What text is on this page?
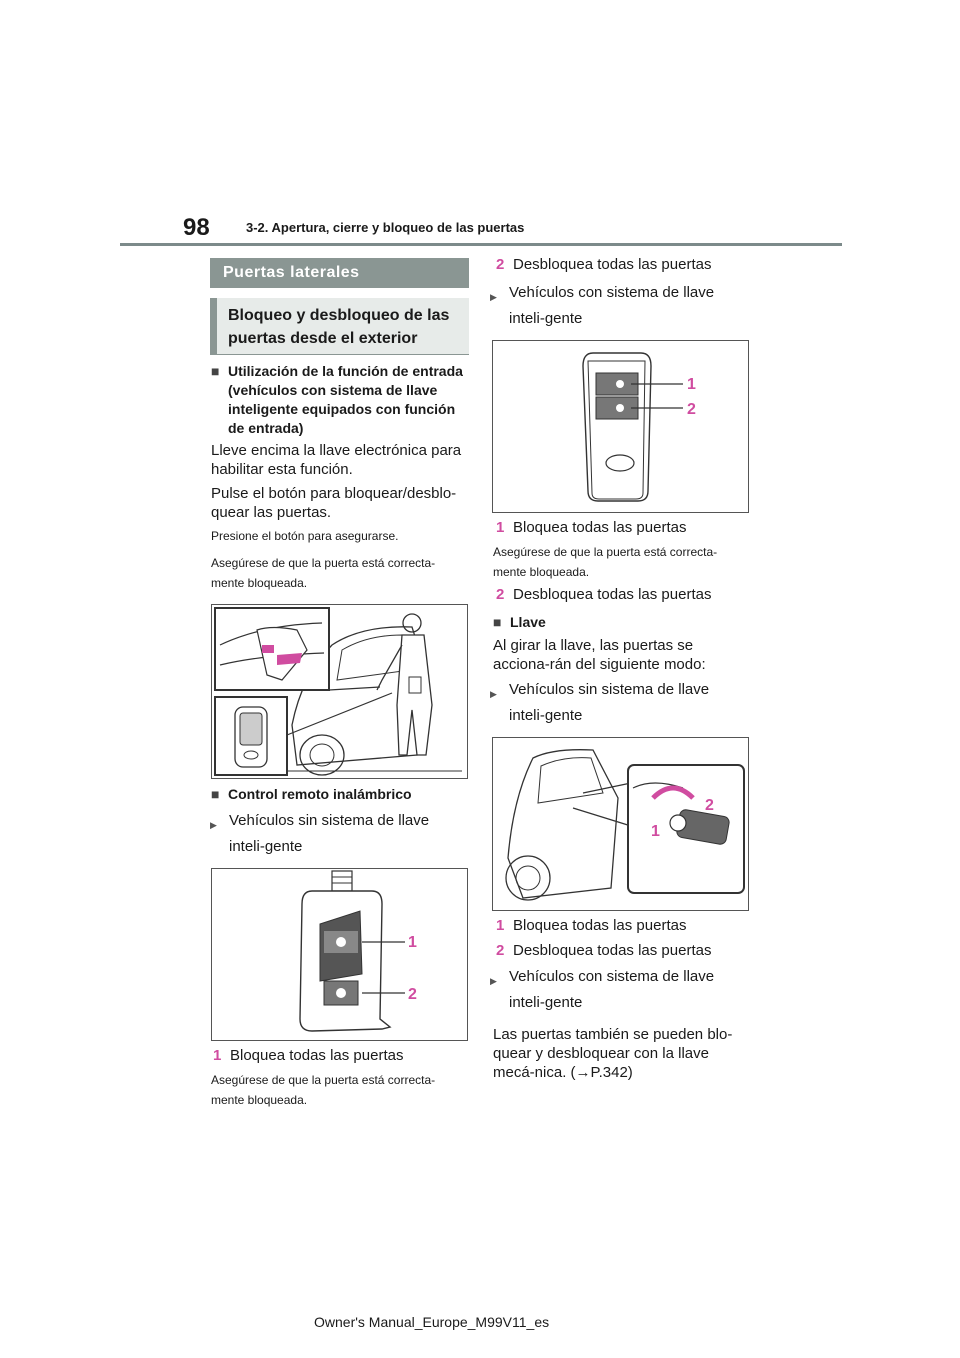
98	3-2. Apertura, cierre y bloqueo de las puertas
Puertas laterales
Bloqueo y desbloqueo de las puertas desde el exterior
■ Utilización de la función de entrada (vehículos con sistema de llave inteligente equipados con función de entrada)
Lleve encima la llave electrónica para habilitar esta función.
Pulse el botón para bloquear/desblo-quear las puertas.
Presione el botón para asegurarse.
Asegúrese de que la puerta está correcta-mente bloqueada.
■ Control remoto inalámbrico
▶ Vehículos sin sistema de llave inteli-gente
1
2
1 Bloquea todas las puertas
Asegúrese de que la puerta está correcta-mente bloqueada.
2 Desbloquea todas las puertas
▶ Vehículos con sistema de llave inteli-gente
1
2
1 Bloquea todas las puertas
Asegúrese de que la puerta está correcta-mente bloqueada.
2 Desbloquea todas las puertas
■ Llave
Al girar la llave, las puertas se acciona-rán del siguiente modo:
▶ Vehículos sin sistema de llave inteli-gente
2
1
1 Bloquea todas las puertas
2 Desbloquea todas las puertas
▶ Vehículos con sistema de llave inteli-gente
Las puertas también se pueden blo-quear y desbloquear con la llave mecá-nica. (→P.342)
Owner's Manual_Europe_M99V11_es
